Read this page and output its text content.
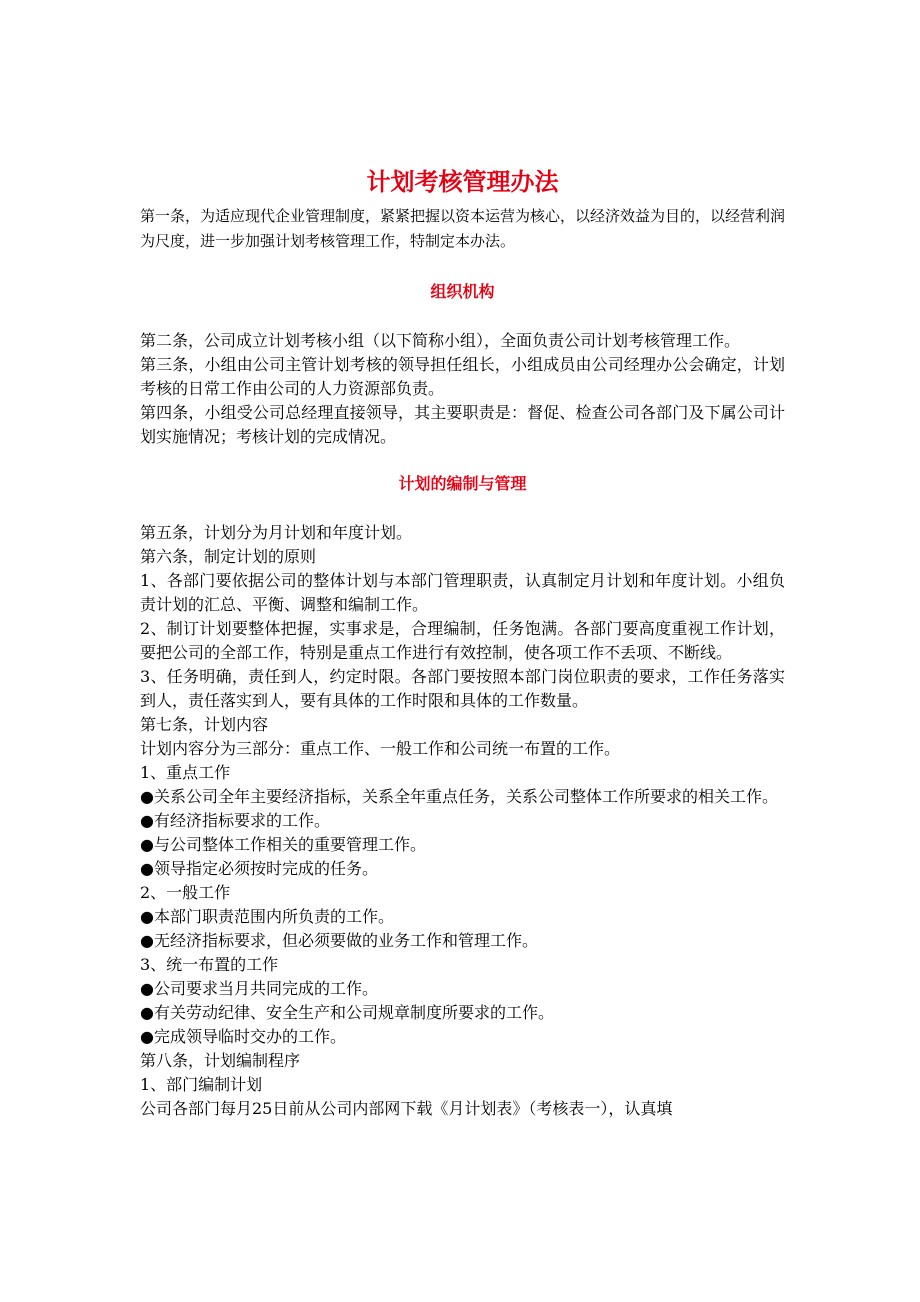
计划考核管理办法

第一条，为适应现代企业管理制度，紧紧把握以资本运营为核心，以经济效益为目的，以经营利润为尺度，进一步加强计划考核管理工作，特制定本办法。

组织机构

第二条，公司成立计划考核小组（以下简称小组），全面负责公司计划考核管理工作。

第三条，小组由公司主管计划考核的领导担任组长，小组成员由公司经理办公会确定，计划考核的日常工作由公司的人力资源部负责。

第四条，小组受公司总经理直接领导，其主要职责是：督促、检查公司各部门及下属公司计划实施情况；考核计划的完成情况。

计划的编制与管理

第五条，计划分为月计划和年度计划。

第六条，制定计划的原则

1、各部门要依据公司的整体计划与本部门管理职责，认真制定月计划和年度计划。小组负责计划的汇总、平衡、调整和编制工作。

2、制订计划要整体把握，实事求是，合理编制，任务饱满。各部门要高度重视工作计划，要把公司的全部工作，特别是重点工作进行有效控制，使各项工作不丢项、不断线。

3、任务明确，责任到人，约定时限。各部门要按照本部门岗位职责的要求，工作任务落实到人，责任落实到人，要有具体的工作时限和具体的工作数量。

第七条，计划内容

计划内容分为三部分：重点工作、一般工作和公司统一布置的工作。

1、重点工作

● 关系公司全年主要经济指标，关系全年重点任务，关系公司整体工作所要求的相关工作。

● 有经济指标要求的工作。

● 与公司整体工作相关的重要管理工作。

● 领导指定必须按时完成的任务。

2、一般工作

● 本部门职责范围内所负责的工作。

● 无经济指标要求，但必须要做的业务工作和管理工作。

3、统一布置的工作

● 公司要求当月共同完成的工作。

● 有关劳动纪律、安全生产和公司规章制度所要求的工作。

● 完成领导临时交办的工作。

第八条，计划编制程序

1、部门编制计划

公司各部门每月25日前从公司内部网下载《月计划表》（考核表一），认真填
